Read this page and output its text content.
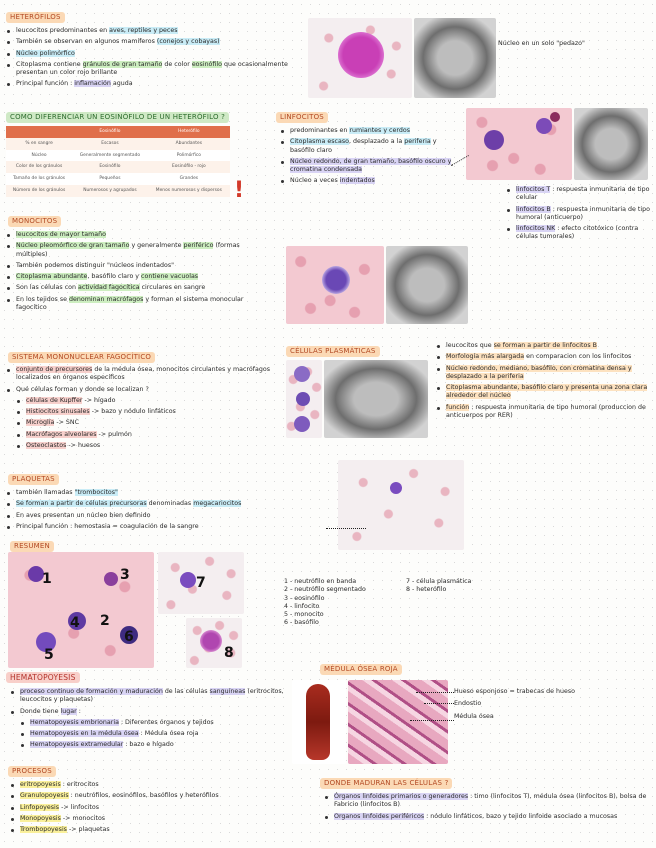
HETERÓFILOS
leucocitos predominantes en aves, reptiles y peces
También se observan en algunos mamíferos (conejos y cobayas)
Núcleo polimórfico
Citoplasma contiene gránulos de gran tamaño de color eosinófilo que ocasionalmente presentan un color rojo brillante
Principal función : inflamación aguda
Núcleo en un solo "pedazo"
COMO DIFERENCIAR UN EOSINÓFILO DE UN HETERÓFILO ?
	Eosinófilo	Heterófilo
% en sangre	Escasos	Abundantes
Núcleo	Generalmente segmentado	Polimórfico
Color de los gránulos	Eosinófilo	Eosinófilo - rojo
Tamaño de los gránulos	Pequeños	Grandes
Número de los gránulos	Numerosos y agrupados	Menos numerosos y dispersos !
LINFOCITOS
predominantes en rumiantes y cerdos
Citoplasma escaso, desplazado a la periferia y basófilo claro
Núcleo redondo, de gran tamaño, basófilo oscuro y cromatina condensada
Núcleo a veces indentados
linfocitos T : respuesta inmunitaria de tipo celular
linfocitos B : respuesta inmunitaria de tipo humoral (anticuerpo)
linfocitos NK : efecto citotóxico (contra células tumorales)
MONOCITOS
leucocitos de mayor tamaño
Núcleo pleomórfico de gran tamaño y generalmente periférico (formas múltiples)
También podemos distinguir "núcleos indentados"
Citoplasma abundante, basófilo claro y contiene vacuolas
Son las células con actividad fagocítica circulares en sangre
En los tejidos se denominan macrófagos y forman el sistema monocular fagocítico
SISTEMA MONONUCLEAR FAGOCÍTICO
conjunto de precursores de la médula ósea, monocitos circulantes y macrófagos localizados en órganos específicos
Qué células forman y donde se localizan ?
células de Kupffer -> hígado
Histiocitos sinusales -> bazo y nódulo linfáticos
Microglía -> SNC
Macrófagos alveolares -> pulmón
Osteoclastos -> huesos
CÉLULAS PLASMÁTICAS
leucocitos que se forman a partir de linfocitos B
Morfología más alargada en comparacion con los linfocitos
Núcleo redondo, mediano, basófilo, con cromatina densa y desplazado a la periferia
Citoplasma abundante, basófilo claro y presenta una zona clara alrededor del núcleo
función : respuesta inmunitaria de tipo humoral (produccion de anticuerpos por RER)
PLAQUETAS
también llamadas "trombocitos"
Se forman a partir de células precursoras denominadas megacariocitos
En aves presentan un núcleo bien definido
Principal función : hemostasia = coagulación de la sangre
RESUMEN
1	3
4 2
5
6
7
8
1 - neutrófilo en banda
2 - neutrófilo segmentado
3 - eosinófilo
4 - linfocito
5 - monocito
6 - basófilo
7 - célula plasmática
8 - heterófilo
HEMATOPOYESIS
proceso continuo de formación y maduración de las células sanguíneas (eritrocitos, leucocitos y plaquetas)
Donde tiene lugar :
Hematopoyesis embrionaria : Diferentes órganos y tejidos
Hematopoyesis en la médula ósea : Médula ósea roja
Hematopoyesis extramedular : bazo e hígado
MÉDULA ÓSEA ROJA
Hueso esponjoso = trabecas de hueso
Endostio
Médula ósea
PROCESOS
eritropoyesis : eritrocitos
Granulopoyesis : neutrófilos, eosinófilos, basófilos y heterófilos
Linfopoyesis -> linfocitos
Monopoyesis -> monocitos
Trombopoyesis -> plaquetas
DONDE MADURAN LAS CÉLULAS ?
Órganos linfoides primarios o generadores : timo (linfocitos T), médula ósea (linfocitos B), bolsa de Fabricio (linfocitos B)
Organos linfoides periféricos : nódulo linfáticos, bazo y tejido linfoide asociado a mucosas
